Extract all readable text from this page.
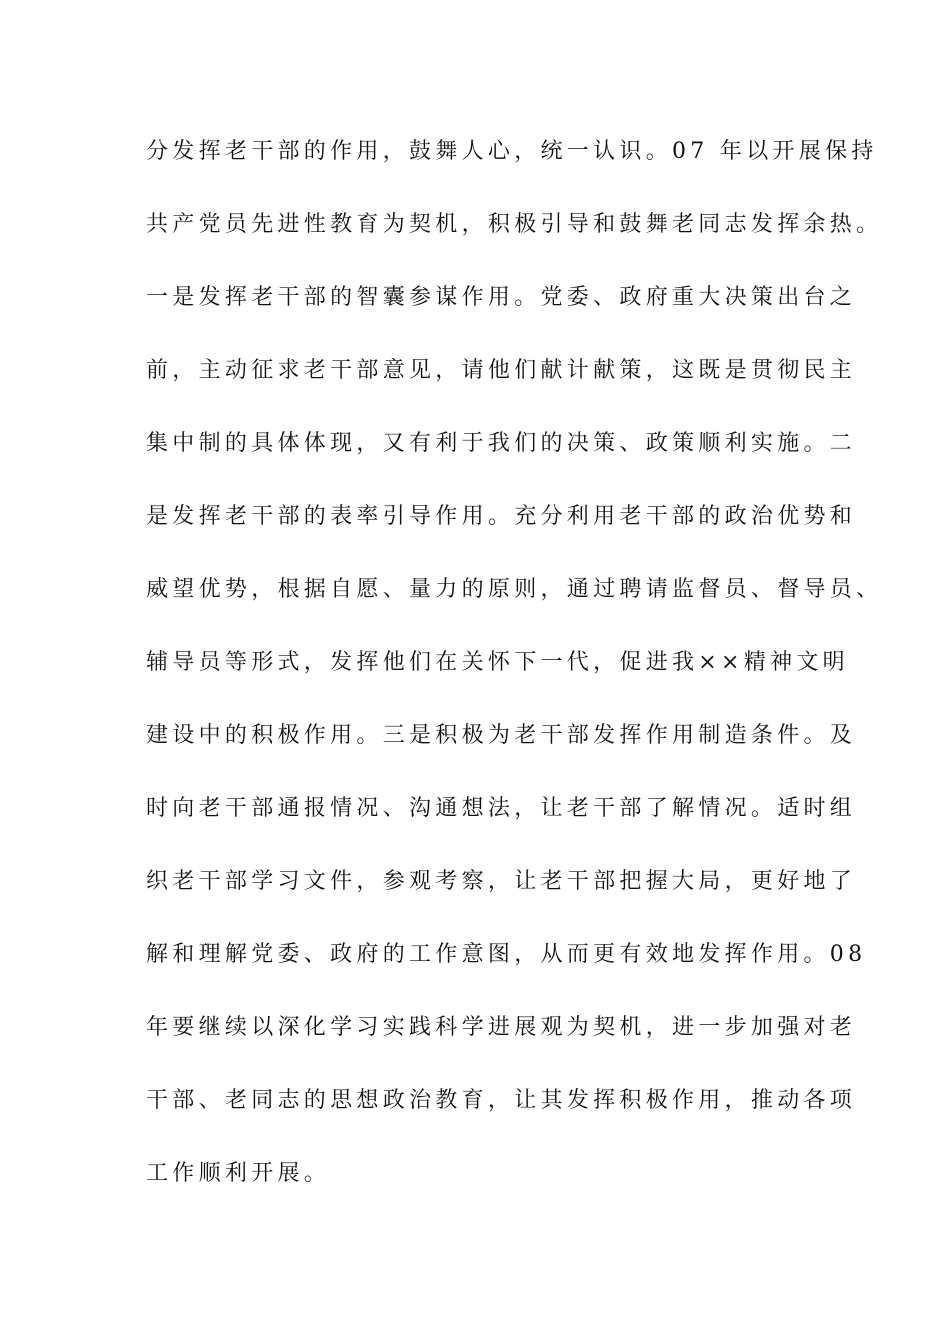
分发挥老干部的作用，鼓舞人心，统一认识。07 年以开展保持

共产党员先进性教育为契机，积极引导和鼓舞老同志发挥余热。

一是发挥老干部的智囊参谋作用。党委、政府重大决策出台之

前，主动征求老干部意见，请他们献计献策，这既是贯彻民主

集中制的具体体现，又有利于我们的决策、政策顺利实施。二

是发挥老干部的表率引导作用。充分利用老干部的政治优势和

威望优势，根据自愿、量力的原则，通过聘请监督员、督导员、

辅导员等形式，发挥他们在关怀下一代，促进我××精神文明

建设中的积极作用。三是积极为老干部发挥作用制造条件。及

时向老干部通报情况、沟通想法，让老干部了解情况。适时组

织老干部学习文件，参观考察，让老干部把握大局，更好地了

解和理解党委、政府的工作意图，从而更有效地发挥作用。08

年要继续以深化学习实践科学进展观为契机，进一步加强对老

干部、老同志的思想政治教育，让其发挥积极作用，推动各项

工作顺利开展。
